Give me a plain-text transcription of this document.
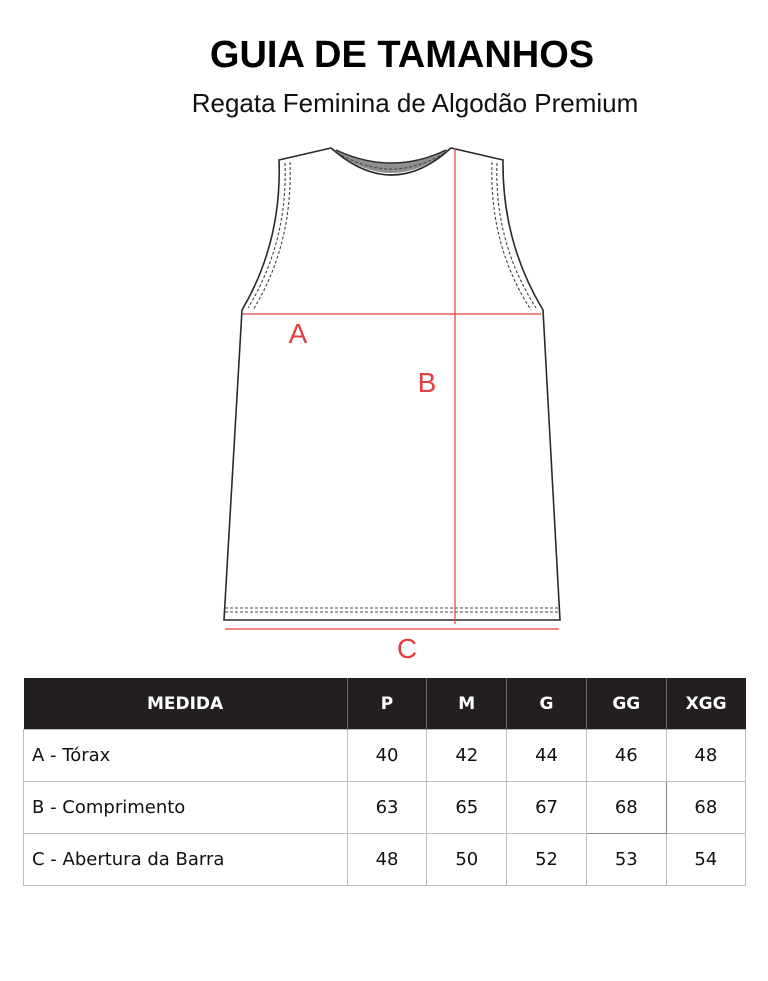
GUIA DE TAMANHOS
Regata Feminina de Algodão Premium
A
B
C
MEDIDA	P	M	G	GG	XGG
A - Tórax	40	42	44	46	48
B - Comprimento	63	65	67	68	68
C - Abertura da Barra	48	50	52	53	54
